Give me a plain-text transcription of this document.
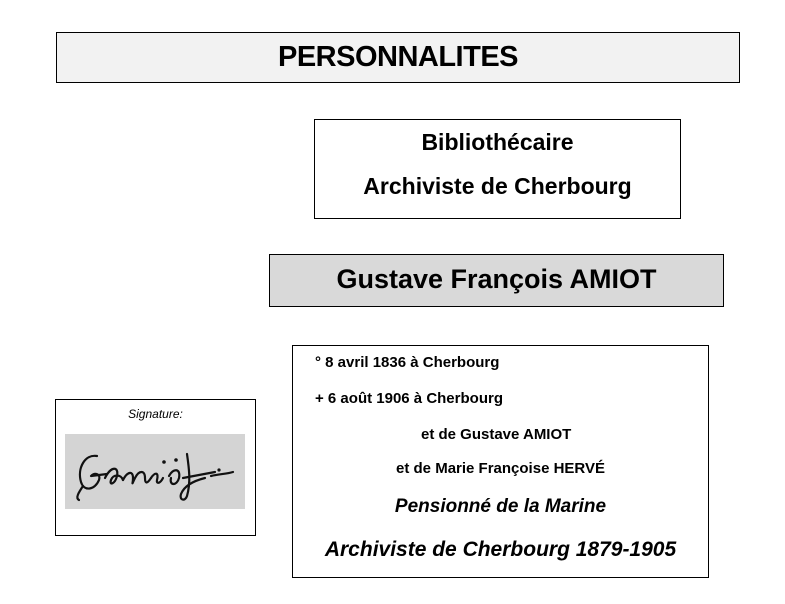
PERSONNALITES
Bibliothécaire
Archiviste de Cherbourg
Gustave François AMIOT
° 8 avril 1836 à Cherbourg
+ 6 août 1906 à Cherbourg
et de Gustave AMIOT
et de Marie Françoise HERVÉ
Pensionné de la Marine
Archiviste de Cherbourg 1879-1905
Signature:
